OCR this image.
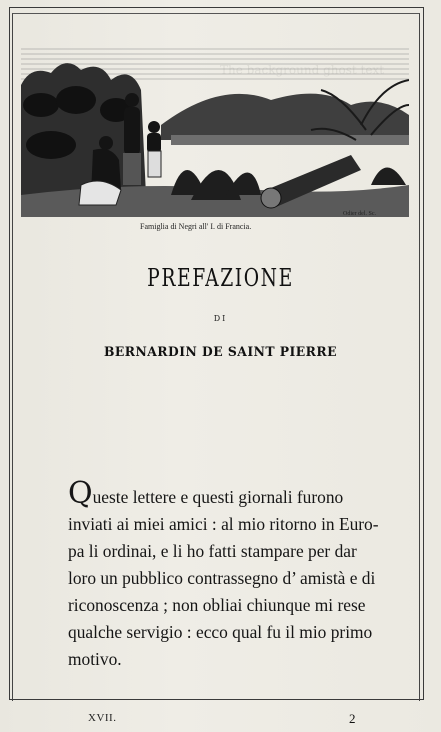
The background ghost text
Odier del. Sc.
Famiglia di Negri all' I. di Francia.
PREFAZIONE
DI
BERNARDIN DE SAINT PIERRE
Queste lettere e questi giornali furono
inviati ai miei amici : al mio ritorno in Euro-
pa li ordinai, e li ho fatti stampare per dar
loro un pubblico contrassegno d’ amistà e di
riconoscenza ; non obliai chiunque mi rese
qualche servigio : ecco qual fu il mio primo
motivo.
XVII.	2
